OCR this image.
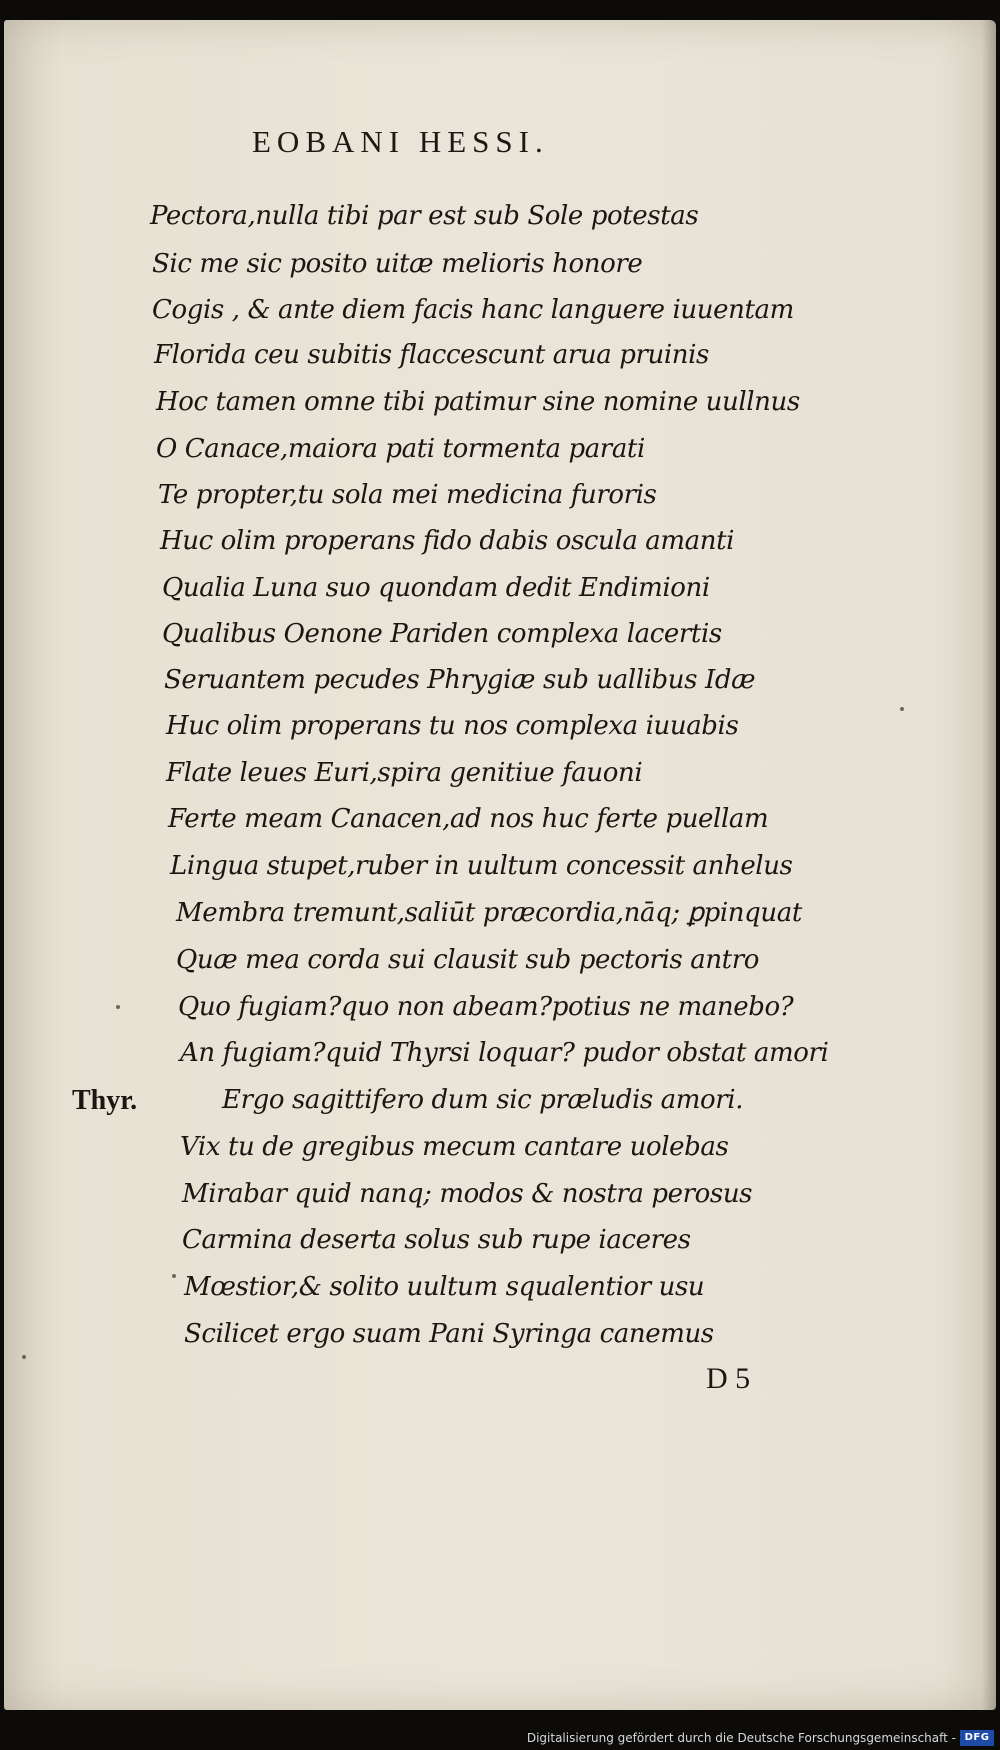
EOBANI HESSI.
Pectora,nulla tibi par est sub Sole potestas
Sic me sic posito uitæ melioris honore
Cogis , & ante diem facis hanc languere iuuentam
Florida ceu subitis flaccescunt arua pruinis
Hoc tamen omne tibi patimur sine nomine uullnus
O Canace,maiora pati tormenta parati
Te propter,tu sola mei medicina furoris
Huc olim properans fido dabis oscula amanti
Qualia Luna suo quondam dedit Endimioni
Qualibus Oenone Pariden complexa lacertis
Seruantem pecudes Phrygiæ sub uallibus Idæ
Huc olim properans tu nos complexa iuuabis
Flate leues Euri,spira genitiue fauoni
Ferte meam Canacen,ad nos huc ferte puellam
Lingua stupet,ruber in uultum concessit anhelus
Membra tremunt,saliūt præcordia,nāq; ꝑpinquat
Quæ mea corda sui clausit sub pectoris antro
Quo fugiam?quo non abeam?potius ne manebo?
An fugiam?quid Thyrsi loquar? pudor obstat amori
Thyr.	Ergo sagittifero dum sic præludis amori.
Vix tu de gregibus mecum cantare uolebas
Mirabar quid nanq; modos & nostra perosus
Carmina deserta solus sub rupe iaceres
Mœstior,& solito uultum squalentior usu
Scilicet ergo suam Pani Syringa canemus
D 5
Digitalisierung gefördert durch die Deutsche Forschungsgemeinschaft - DFG
